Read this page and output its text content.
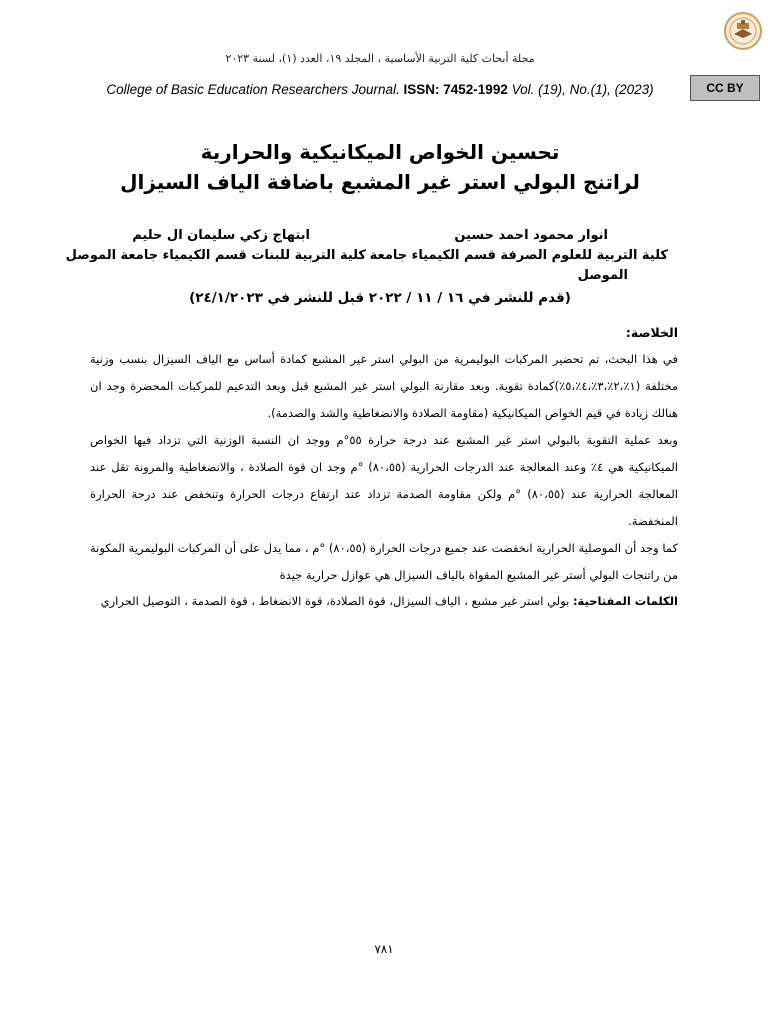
مجلة أبحاث كلية التربية الأساسية ، المجلد ١٩، العدد (١)، لسنة ٢٠٢٣
College of Basic Education Researchers Journal. ISSN: 7452-1992 Vol. (19), No.(1), (2023)	CC BY
تحسين الخواص الميكانيكية والحرارية
لراتنج البولي استر غير المشبع باضافة الياف السيزال
انوار محمود احمد حسين
ابتهاج زكي سليمان ال حليم
كلية التربية للعلوم الصرفة قسم الكيمياء جامعة
الموصل
كلية التربية للبنات قسم الكيمياء جامعة الموصل
(قدم للنشر في ١٦ / ١١ / ٢٠٢٢ قبل للنشر في ٢٤/١/٢٠٢٣)
الخلاصة:

في هذا البحث، تم تحضير المركبات البوليمرية من البولي استر غير المشبع كمادة أساس مع الياف السيزال بنسب وزنية مختلفة (١٪،٢٪،٣٪،٤٪،٥٪)كمادة تقوية. وبعد مقارنة البولي استر غير المشبع قبل وبعد التدعيم للمركبات المحضرة وجد ان هنالك زيادة في قيم الخواص الميكانيكية (مقاومة الصلادة والانضغاطية والشد والصدمة).

وبعد عملية التقوية بالبولي استر غير المشبع عند درجة حرارة ٥٥°م ووجد ان النسبة الوزنية التي تزداد فيها الخواص الميكانيكية هي ٤٪ وعند المعالجة عند الدرجات الحرارية (٨٠،٥٥) °م وجد ان قوة الصلادة ، والانضغاطية والمرونة تقل عند المعالجة الحرارية عند (٨٠،٥٥) °م ولكن مقاومة الصدمة تزداد عند ارتفاع درجات الحرارة وتنخفض عند درجة الحرارة المنخفضة.

كما وجد أن الموصلية الحرارية انخفضت عند جميع درجات الحرارة (٨٠،٥٥) °م ، مما يدل على أن المركبات البوليمرية المكونة من راتنجات البولي أستر غير المشبع المقواة بالياف السيزال هي عوازل حرارية جيدة

الكلمات المفتاحية: بولي استر غير مشبع ، الياف السيزال، قوة الصلادة، قوة الانضغاط ، قوة الصدمة ، التوصيل الحراري
٧٨١
